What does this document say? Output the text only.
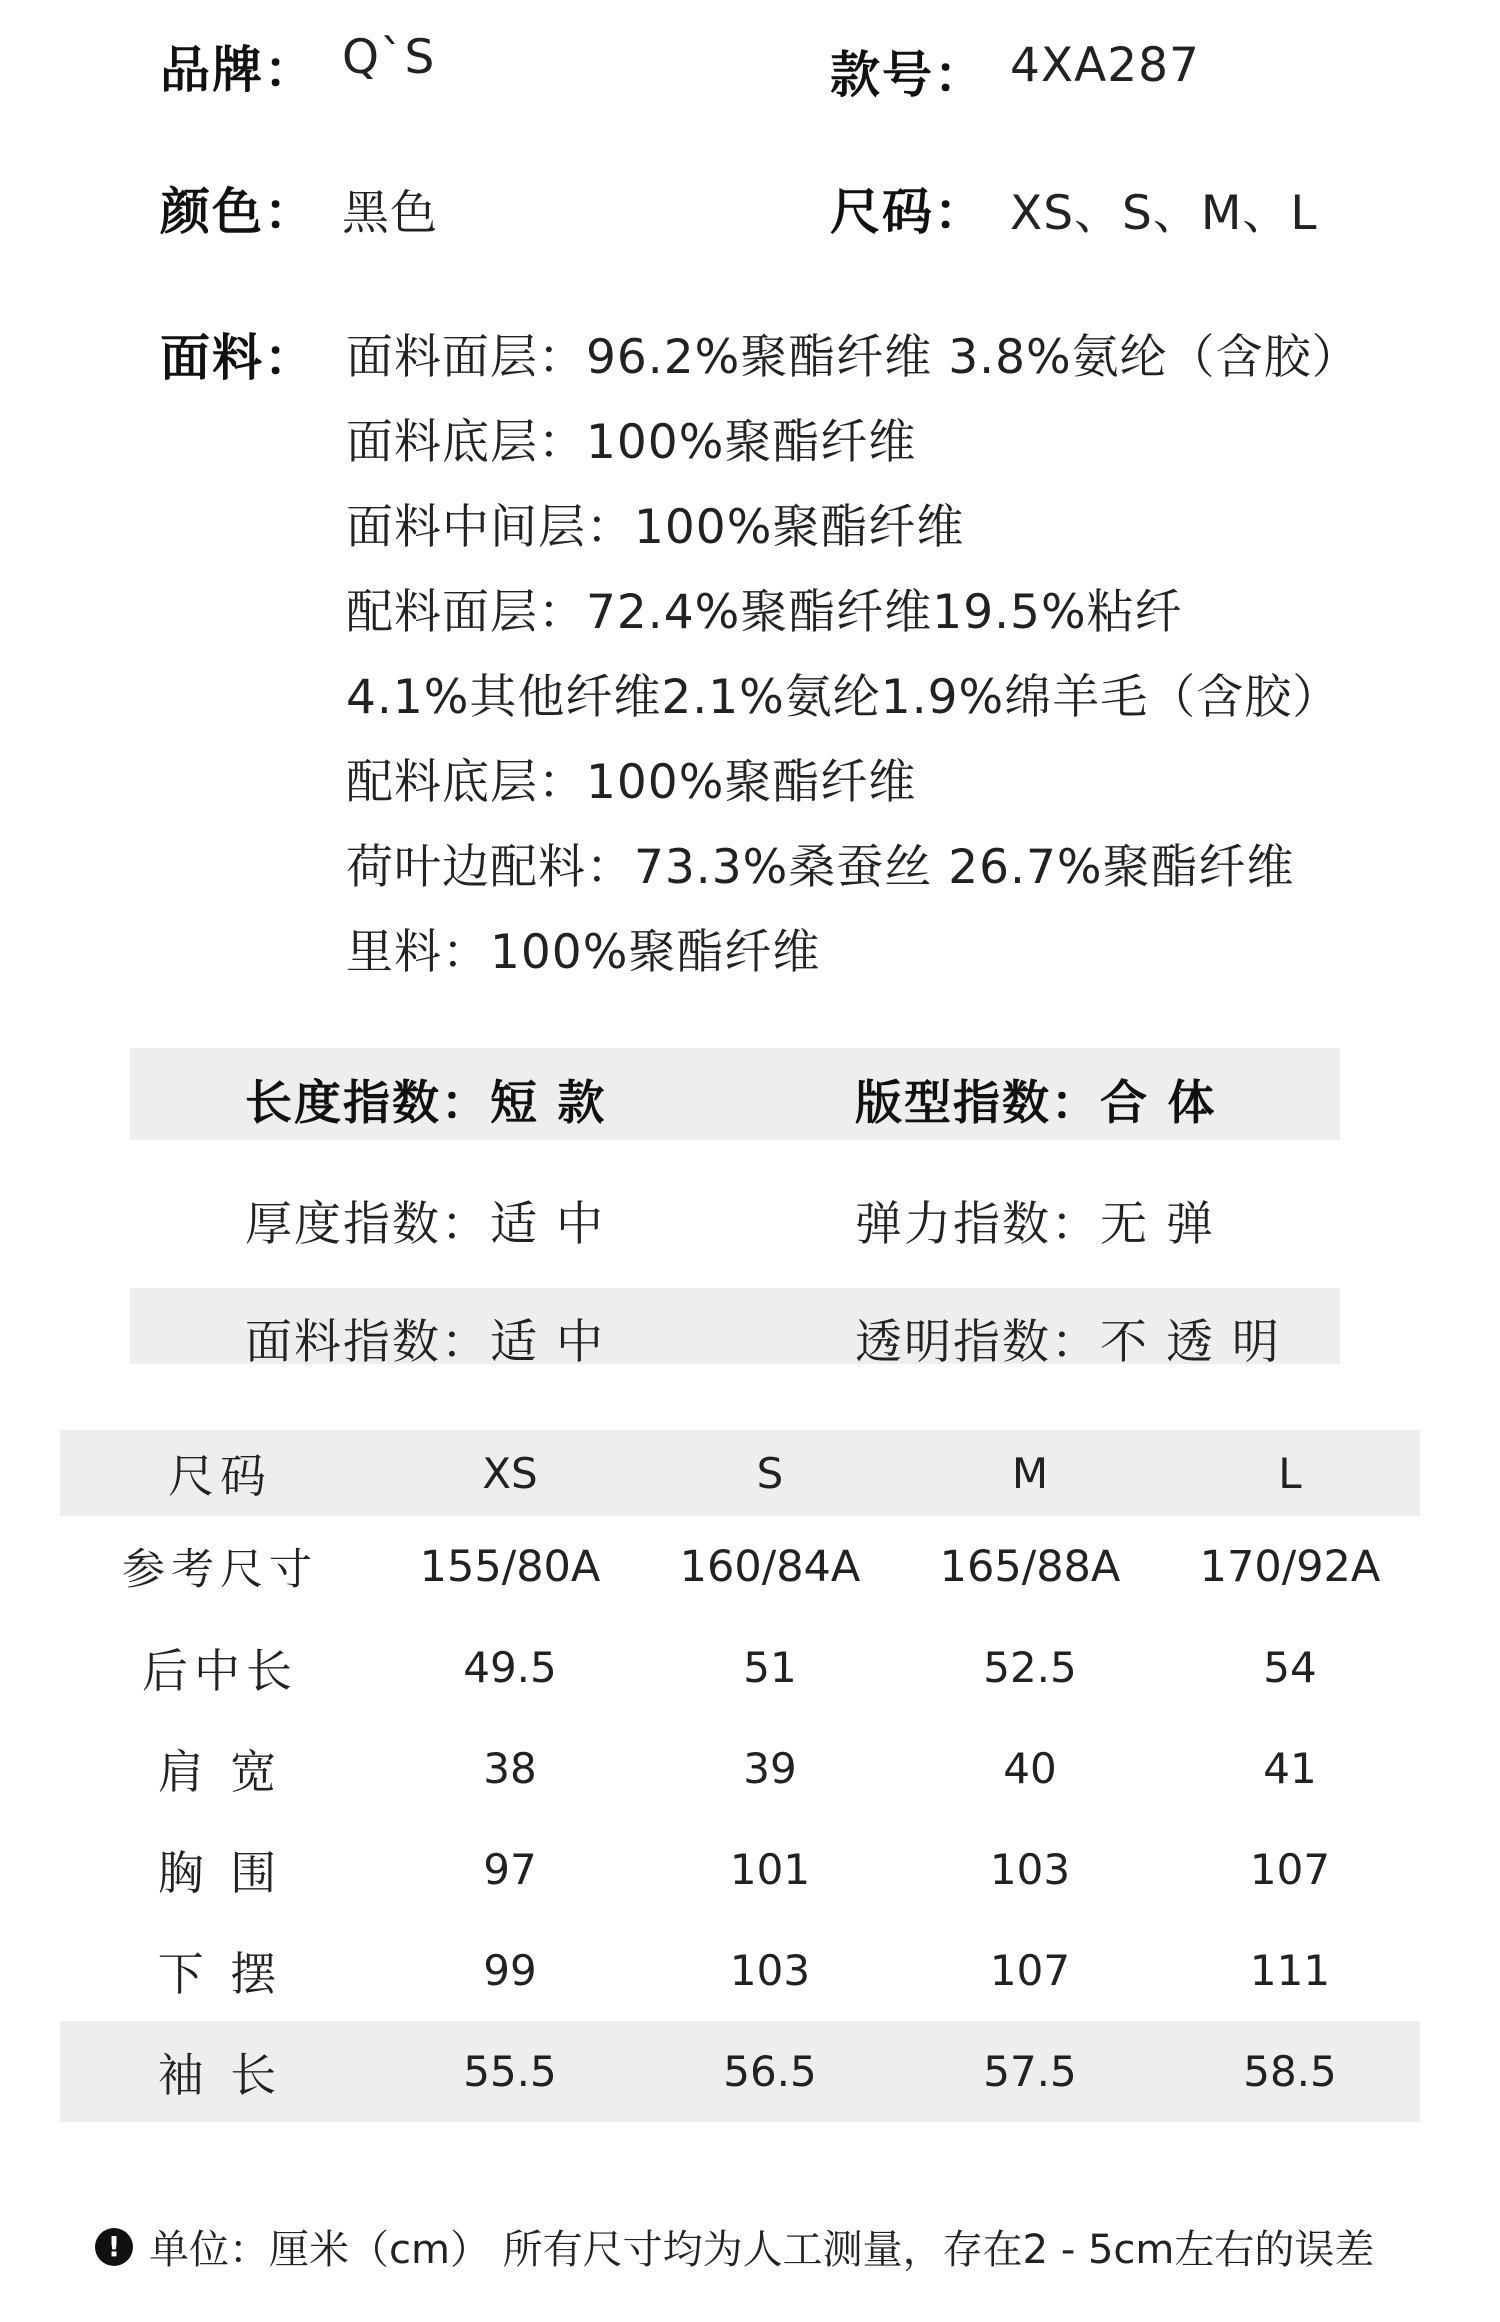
品牌： Q`S	款号： 4XA287
颜色： 黑色	尺码： XS、S、M、L
面料： 面料面层：96.2%聚酯纤维 3.8%氨纶（含胶）
面料底层：100%聚酯纤维
面料中间层：100%聚酯纤维
配料面层：72.4%聚酯纤维19.5%粘纤
4.1%其他纤维2.1%氨纶1.9%绵羊毛（含胶）
配料底层：100%聚酯纤维
荷叶边配料：73.3%桑蚕丝 26.7%聚酯纤维
里料：100%聚酯纤维
长度指数：短 款	版型指数：合 体
厚度指数：适 中	弹力指数：无 弹
面料指数：适 中	透明指数：不 透 明
尺码	XS	S	M	L
参考尺寸	155/80A	160/84A	165/88A	170/92A
后中长	49.5	51	52.5	54
肩 宽	38	39	40	41
胸 围	97	101	103	107
下 摆	99	103	107	111
袖 长	55.5	56.5	57.5	58.5
! 单位：厘米（cm） 所有尺寸均为人工测量，存在2 - 5cm左右的误差
